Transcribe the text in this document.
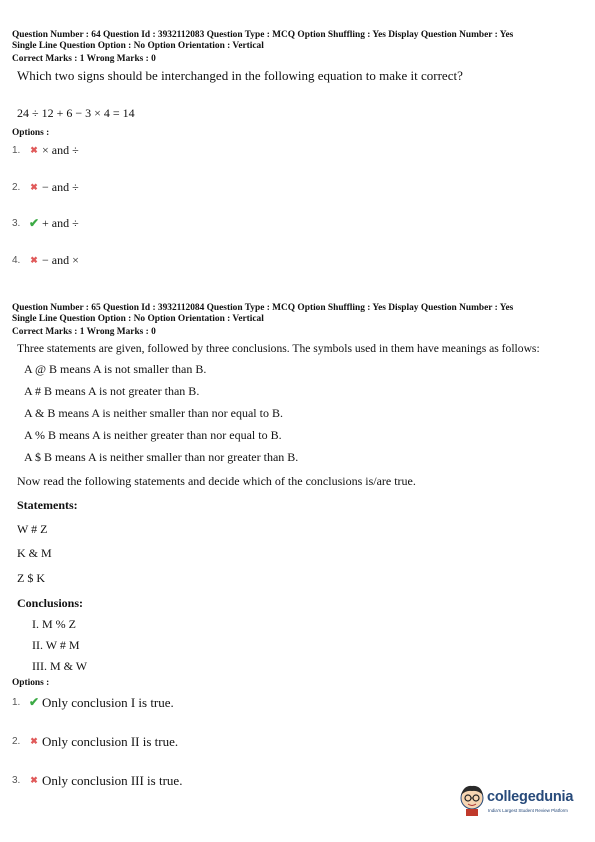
Question Number : 64 Question Id : 3932112083 Question Type : MCQ Option Shuffling : Yes Display Question Number : Yes
Single Line Question Option : No Option Orientation : Vertical
Correct Marks : 1 Wrong Marks : 0
Which two signs should be interchanged in the following equation to make it correct?
24 ÷ 12 + 6 − 3 × 4 = 14
Options :
1.	✖ × and ÷
2.	✖ − and ÷
3. ✔ + and ÷
4.	✖ − and ×
Question Number : 65 Question Id : 3932112084 Question Type : MCQ Option Shuffling : Yes Display Question Number : Yes
Single Line Question Option : No Option Orientation : Vertical
Correct Marks : 1 Wrong Marks : 0
Three statements are given, followed by three conclusions. The symbols used in them have meanings as follows:
A @ B means A is not smaller than B.
A # B means A is not greater than B.
A & B means A is neither smaller than nor equal to B.
A % B means A is neither greater than nor equal to B.
A $ B means A is neither smaller than nor greater than B.
Now read the following statements and decide which of the conclusions is/are true.
Statements:
W # Z
K & M
Z $ K
Conclusions:
I. M % Z
II. W # M
III. M & W
Options :
1. ✔ Only conclusion I is true.
2.	✖ Only conclusion II is true.
3.	✖ Only conclusion III is true.
collegedunia
India's Largest Student Review Platform
